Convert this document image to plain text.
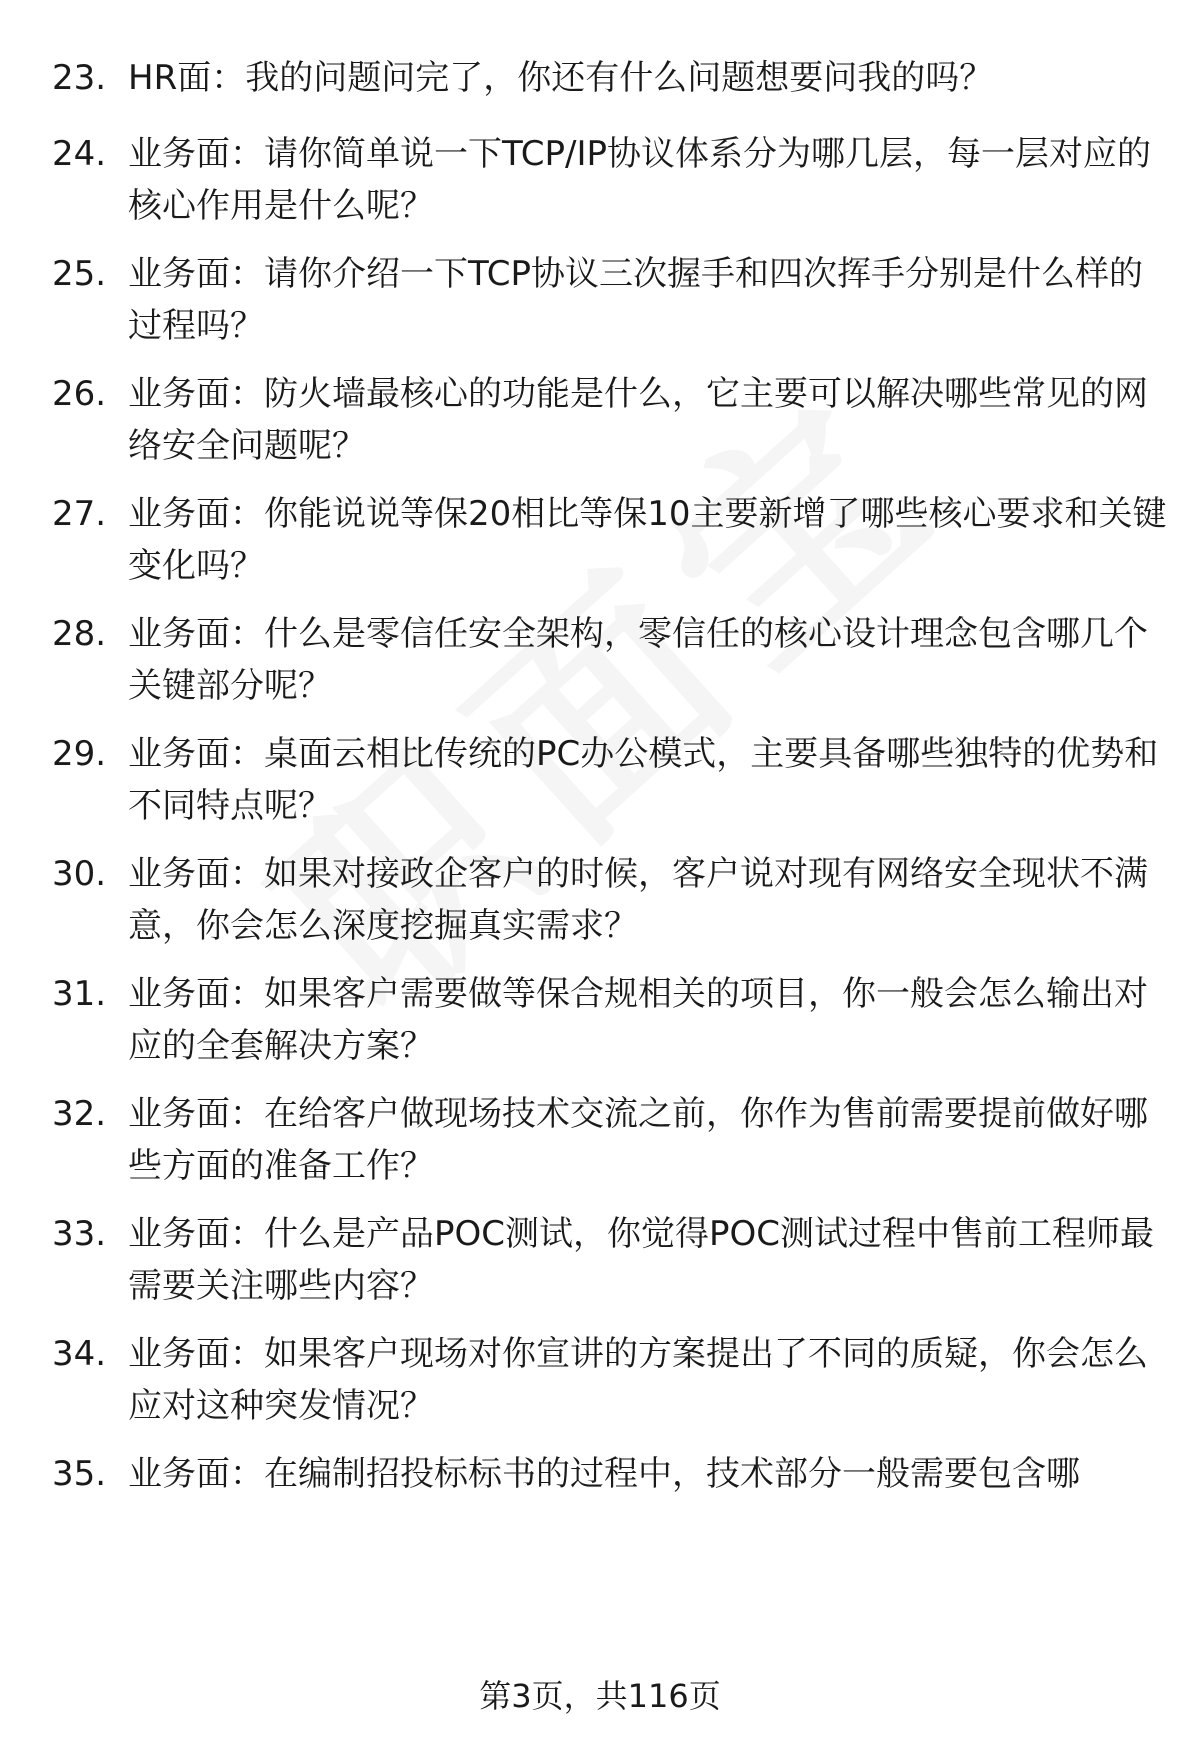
23. HR面：我的问题问完了，你还有什么问题想要问我的吗？
24. 业务面：请你简单说一下TCP/IP协议体系分为哪几层，每一层对应的核心作用是什么呢？
25. 业务面：请你介绍一下TCP协议三次握手和四次挥手分别是什么样的过程吗？
26. 业务面：防火墙最核心的功能是什么，它主要可以解决哪些常见的网络安全问题呢？
27. 业务面：你能说说等保20相比等保10主要新增了哪些核心要求和关键变化吗？
28. 业务面：什么是零信任安全架构，零信任的核心设计理念包含哪几个关键部分呢？
29. 业务面：桌面云相比传统的PC办公模式，主要具备哪些独特的优势和不同特点呢？
30. 业务面：如果对接政企客户的时候，客户说对现有网络安全现状不满意，你会怎么深度挖掘真实需求？
31. 业务面：如果客户需要做等保合规相关的项目，你一般会怎么输出对应的全套解决方案？
32. 业务面：在给客户做现场技术交流之前，你作为售前需要提前做好哪些方面的准备工作？
33. 业务面：什么是产品POC测试，你觉得POC测试过程中售前工程师最需要关注哪些内容？
34. 业务面：如果客户现场对你宣讲的方案提出了不同的质疑，你会怎么应对这种突发情况？
35. 业务面：在编制招投标标书的过程中，技术部分一般需要包含哪
第3页，共116页
